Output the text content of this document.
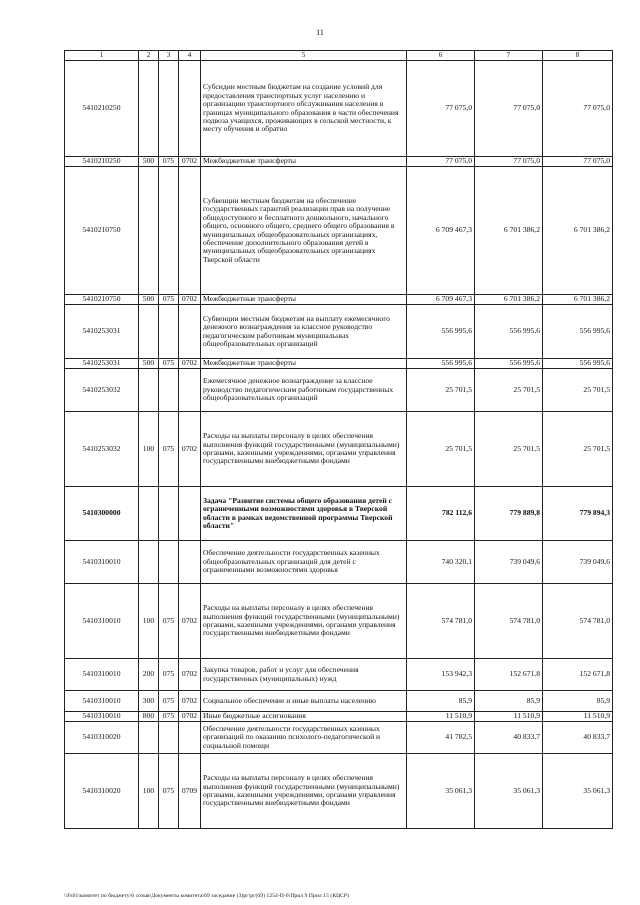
11
1	2	3	4	5	6	7	8
5410210250				Субсидии местным бюджетам на создание условий для предоставления транспортных услуг населению и организацию транспортного обслуживания населения в границах муниципального образования в части обеспечения подвоза учащихся, проживающих в сельской местности, к месту обучения и обратно	77 075,0	77 075,0	77 075,0
5410210250	500	075	0702	Межбюджетные трансферты	77 075,0	77 075,0	77 075,0
5410210750				Субвенции местным бюджетам на обеспечение государственных гарантий реализации прав на получение общедоступного и бесплатного дошкольного, начального общего, основного общего, среднего общего образования в муниципальных общеобразовательных организациях, обеспечение дополнительного образования детей в муниципальных общеобразовательных организациях Тверской области	6 709 467,3	6 701 386,2	6 701 386,2
5410210750	500	075	0702	Межбюджетные трансферты	6 709 467,3	6 701 386,2	6 701 386,2
5410253031				Субвенции местным бюджетам на выплату ежемесячного денежного вознаграждения за классное руководство педагогическим работникам муниципальных общеобразовательных организаций	556 995,6	556 995,6	556 995,6
5410253031	500	075	0702	Межбюджетные трансферты	556 995,6	556 995,6	556 995,6
5410253032				Ежемесячное денежное вознаграждение за классное руководство педагогическим работникам государственных общеобразовательных организаций	25 701,5	25 701,5	25 701,5
5410253032	100	075	0702	Расходы на выплаты персоналу в целях обеспечения выполнения функций государственными (муниципальными) органами, казенными учреждениями, органами управления государственными внебюджетными фондами	25 701,5	25 701,5	25 701,5
5410300000				Задача "Развитие системы общего образования детей с ограниченными возможностями здоровья в Тверской области в рамках ведомственной программы Тверской области"	782 112,6	779 889,8	779 894,3
5410310010				Обеспечение деятельности государственных казенных общеобразовательных организаций для детей с ограниченными возможностями здоровья	740 320,1	739 049,6	739 049,6
5410310010	100	075	0702	Расходы на выплаты персоналу в целях обеспечения выполнения функций государственными (муниципальными) органами, казенными учреждениями, органами управления государственными внебюджетными фондами	574 781,0	574 781,0	574 781,0
5410310010	200	075	0702	Закупка товаров, работ и услуг для обеспечения государственных (муниципальных) нужд	153 942,3	152 671,8	152 671,8
5410310010	300	075	0702	Социальное обеспечение и иные выплаты населению	85,9	85,9	85,9
5410310010	800	075	0702	Иные бюджетные ассигнования	11 510,9	11 510,9	11 510,9
5410310020				Обеспечение деятельности государственных казенных организаций по оказанию психолого-педагогической и социальной помощи	41 782,5	40 833,7	40 833,7
5410310020	100	075	0709	Расходы на выплаты персоналу в целях обеспечения выполнения функций государственными (муниципальными) органами, казенными учреждениями, органами управления государственными внебюджетными фондами	35 061,3	35 061,3	35 061,3
\\Fs01\комитет по бюджету\6 созыв\Документы комитета\69 заседание (3)рг\рг(69) 1254-П-6\Прил 9 Прил 15 (КЦСР)
